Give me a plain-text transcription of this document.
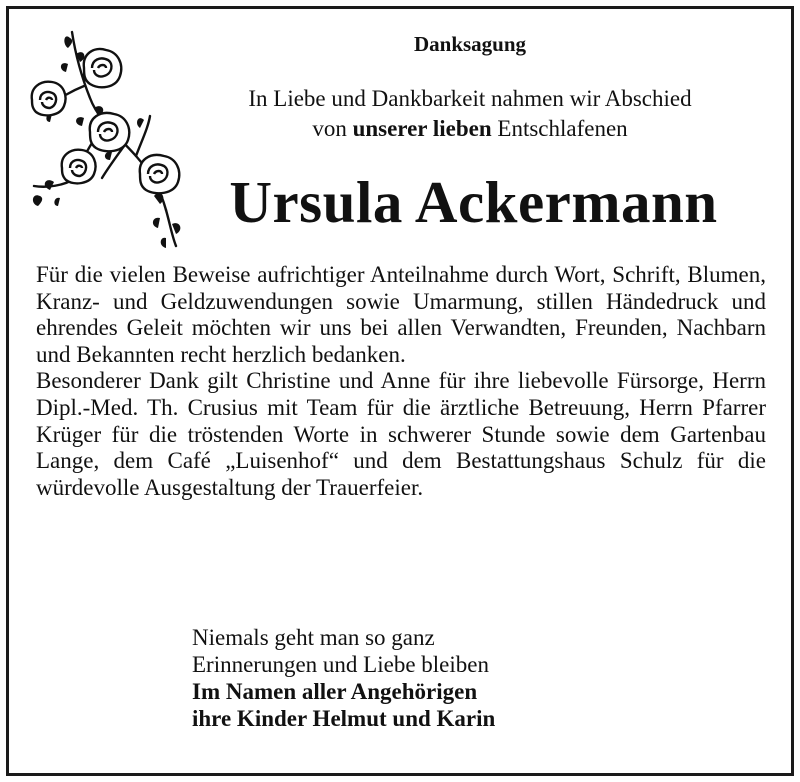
Danksagung
In Liebe und Dankbarkeit nahmen wir Abschied
von unserer lieben Entschlafenen
Ursula Ackermann

Für die vielen Beweise aufrichtiger Anteilnahme durch Wort, Schrift, Blumen, Kranz- und Geldzuwendungen sowie Umarmung, stillen Händedruck und ehrendes Geleit möchten wir uns bei allen Verwandten, Freunden, Nachbarn und Bekannten recht herzlich bedanken.

Besonderer Dank gilt Christine und Anne für ihre liebevolle Fürsorge, Herrn Dipl.-Med. Th. Crusius mit Team für die ärztliche Betreuung, Herrn Pfarrer Krüger für die tröstenden Worte in schwerer Stunde sowie dem Gartenbau Lange, dem Café „Luisenhof“ und dem Bestattungshaus Schulz für die würdevolle Ausgestaltung der Trauerfeier.

Niemals geht man so ganz
Erinnerungen und Liebe bleiben
Im Namen aller Angehörigen
ihre Kinder Helmut und Karin
